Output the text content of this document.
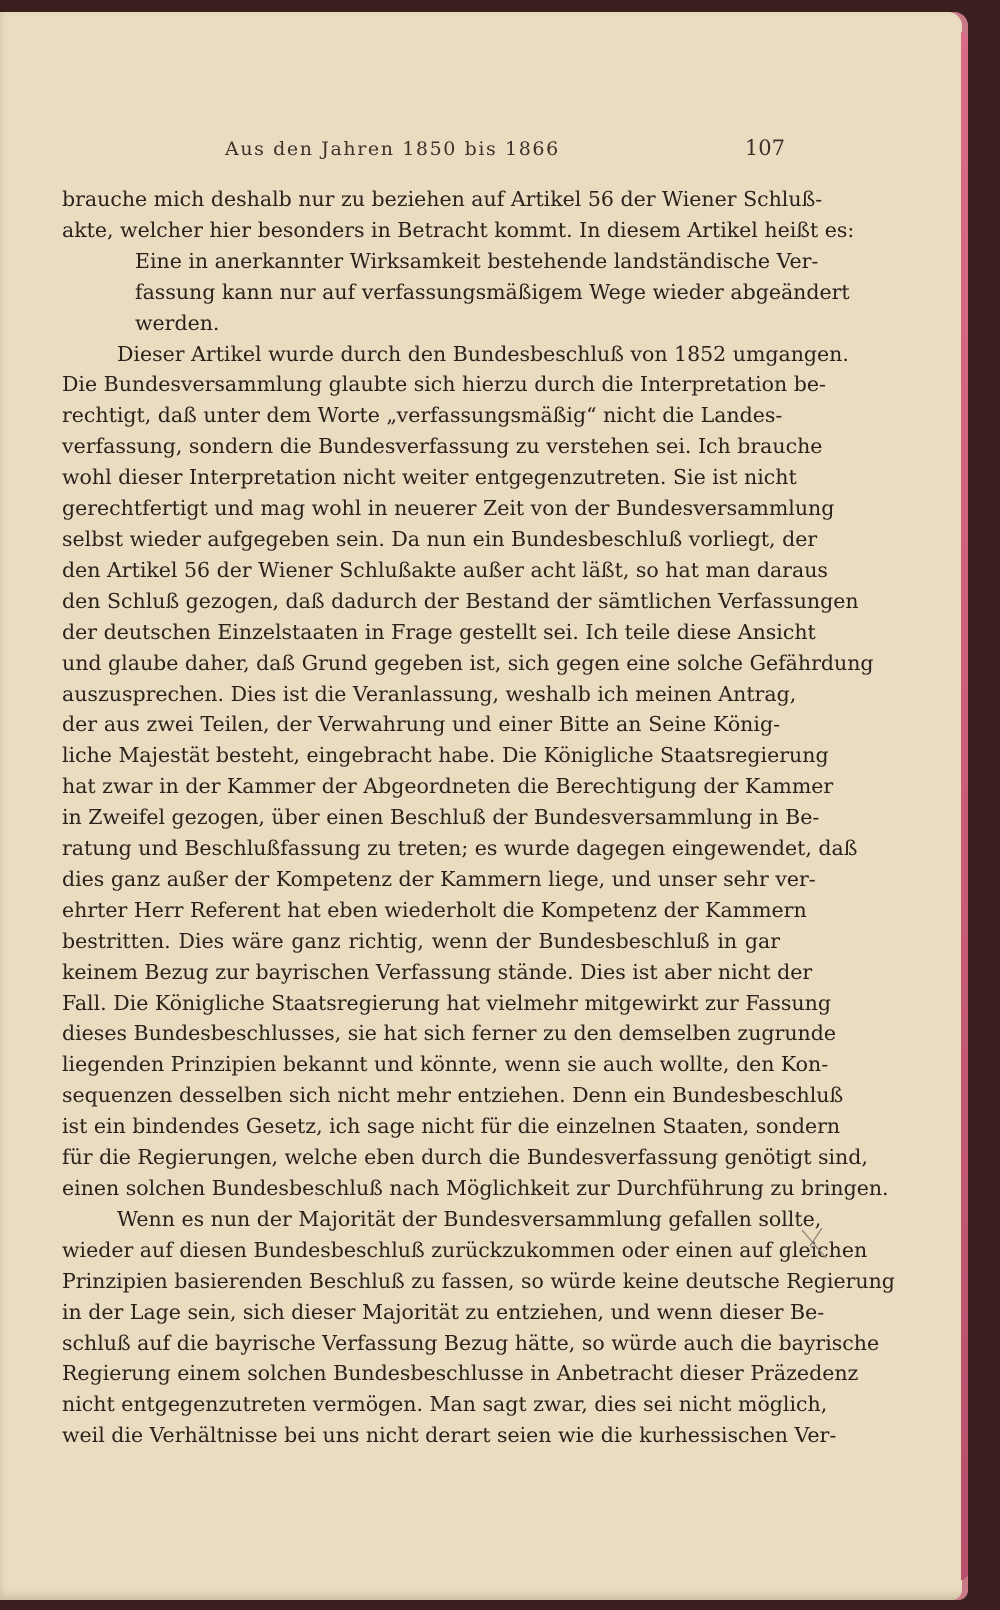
Aus den Jahren 1850 bis 1866	107
brauche mich deshalb nur zu beziehen auf Artikel 56 der Wiener Schluß-
akte, welcher hier besonders in Betracht kommt. In diesem Artikel heißt es:
Eine in anerkannter Wirksamkeit bestehende landständische Ver-
fassung kann nur auf verfassungsmäßigem Wege wieder abgeändert
werden.
Dieser Artikel wurde durch den Bundesbeschluß von 1852 umgangen.
Die Bundesversammlung glaubte sich hierzu durch die Interpretation be-
rechtigt, daß unter dem Worte „verfassungsmäßig“ nicht die Landes-
verfassung, sondern die Bundesverfassung zu verstehen sei. Ich brauche
wohl dieser Interpretation nicht weiter entgegenzutreten. Sie ist nicht
gerechtfertigt und mag wohl in neuerer Zeit von der Bundesversammlung
selbst wieder aufgegeben sein. Da nun ein Bundesbeschluß vorliegt, der
den Artikel 56 der Wiener Schlußakte außer acht läßt, so hat man daraus
den Schluß gezogen, daß dadurch der Bestand der sämtlichen Verfassungen
der deutschen Einzelstaaten in Frage gestellt sei. Ich teile diese Ansicht
und glaube daher, daß Grund gegeben ist, sich gegen eine solche Gefährdung
auszusprechen. Dies ist die Veranlassung, weshalb ich meinen Antrag,
der aus zwei Teilen, der Verwahrung und einer Bitte an Seine König-
liche Majestät besteht, eingebracht habe. Die Königliche Staatsregierung
hat zwar in der Kammer der Abgeordneten die Berechtigung der Kammer
in Zweifel gezogen, über einen Beschluß der Bundesversammlung in Be-
ratung und Beschlußfassung zu treten; es wurde dagegen eingewendet, daß
dies ganz außer der Kompetenz der Kammern liege, und unser sehr ver-
ehrter Herr Referent hat eben wiederholt die Kompetenz der Kammern
bestritten. Dies wäre ganz richtig, wenn der Bundesbeschluß in gar
keinem Bezug zur bayrischen Verfassung stände. Dies ist aber nicht der
Fall. Die Königliche Staatsregierung hat vielmehr mitgewirkt zur Fassung
dieses Bundesbeschlusses, sie hat sich ferner zu den demselben zugrunde
liegenden Prinzipien bekannt und könnte, wenn sie auch wollte, den Kon-
sequenzen desselben sich nicht mehr entziehen. Denn ein Bundesbeschluß
ist ein bindendes Gesetz, ich sage nicht für die einzelnen Staaten, sondern
für die Regierungen, welche eben durch die Bundesverfassung genötigt sind,
einen solchen Bundesbeschluß nach Möglichkeit zur Durchführung zu bringen.
Wenn es nun der Majorität der Bundesversammlung gefallen sollte,
wieder auf diesen Bundesbeschluß zurückzukommen oder einen auf gleichen
Prinzipien basierenden Beschluß zu fassen, so würde keine deutsche Regierung
in der Lage sein, sich dieser Majorität zu entziehen, und wenn dieser Be-
schluß auf die bayrische Verfassung Bezug hätte, so würde auch die bayrische
Regierung einem solchen Bundesbeschlusse in Anbetracht dieser Präzedenz
nicht entgegenzutreten vermögen. Man sagt zwar, dies sei nicht möglich,
weil die Verhältnisse bei uns nicht derart seien wie die kurhessischen Ver-
